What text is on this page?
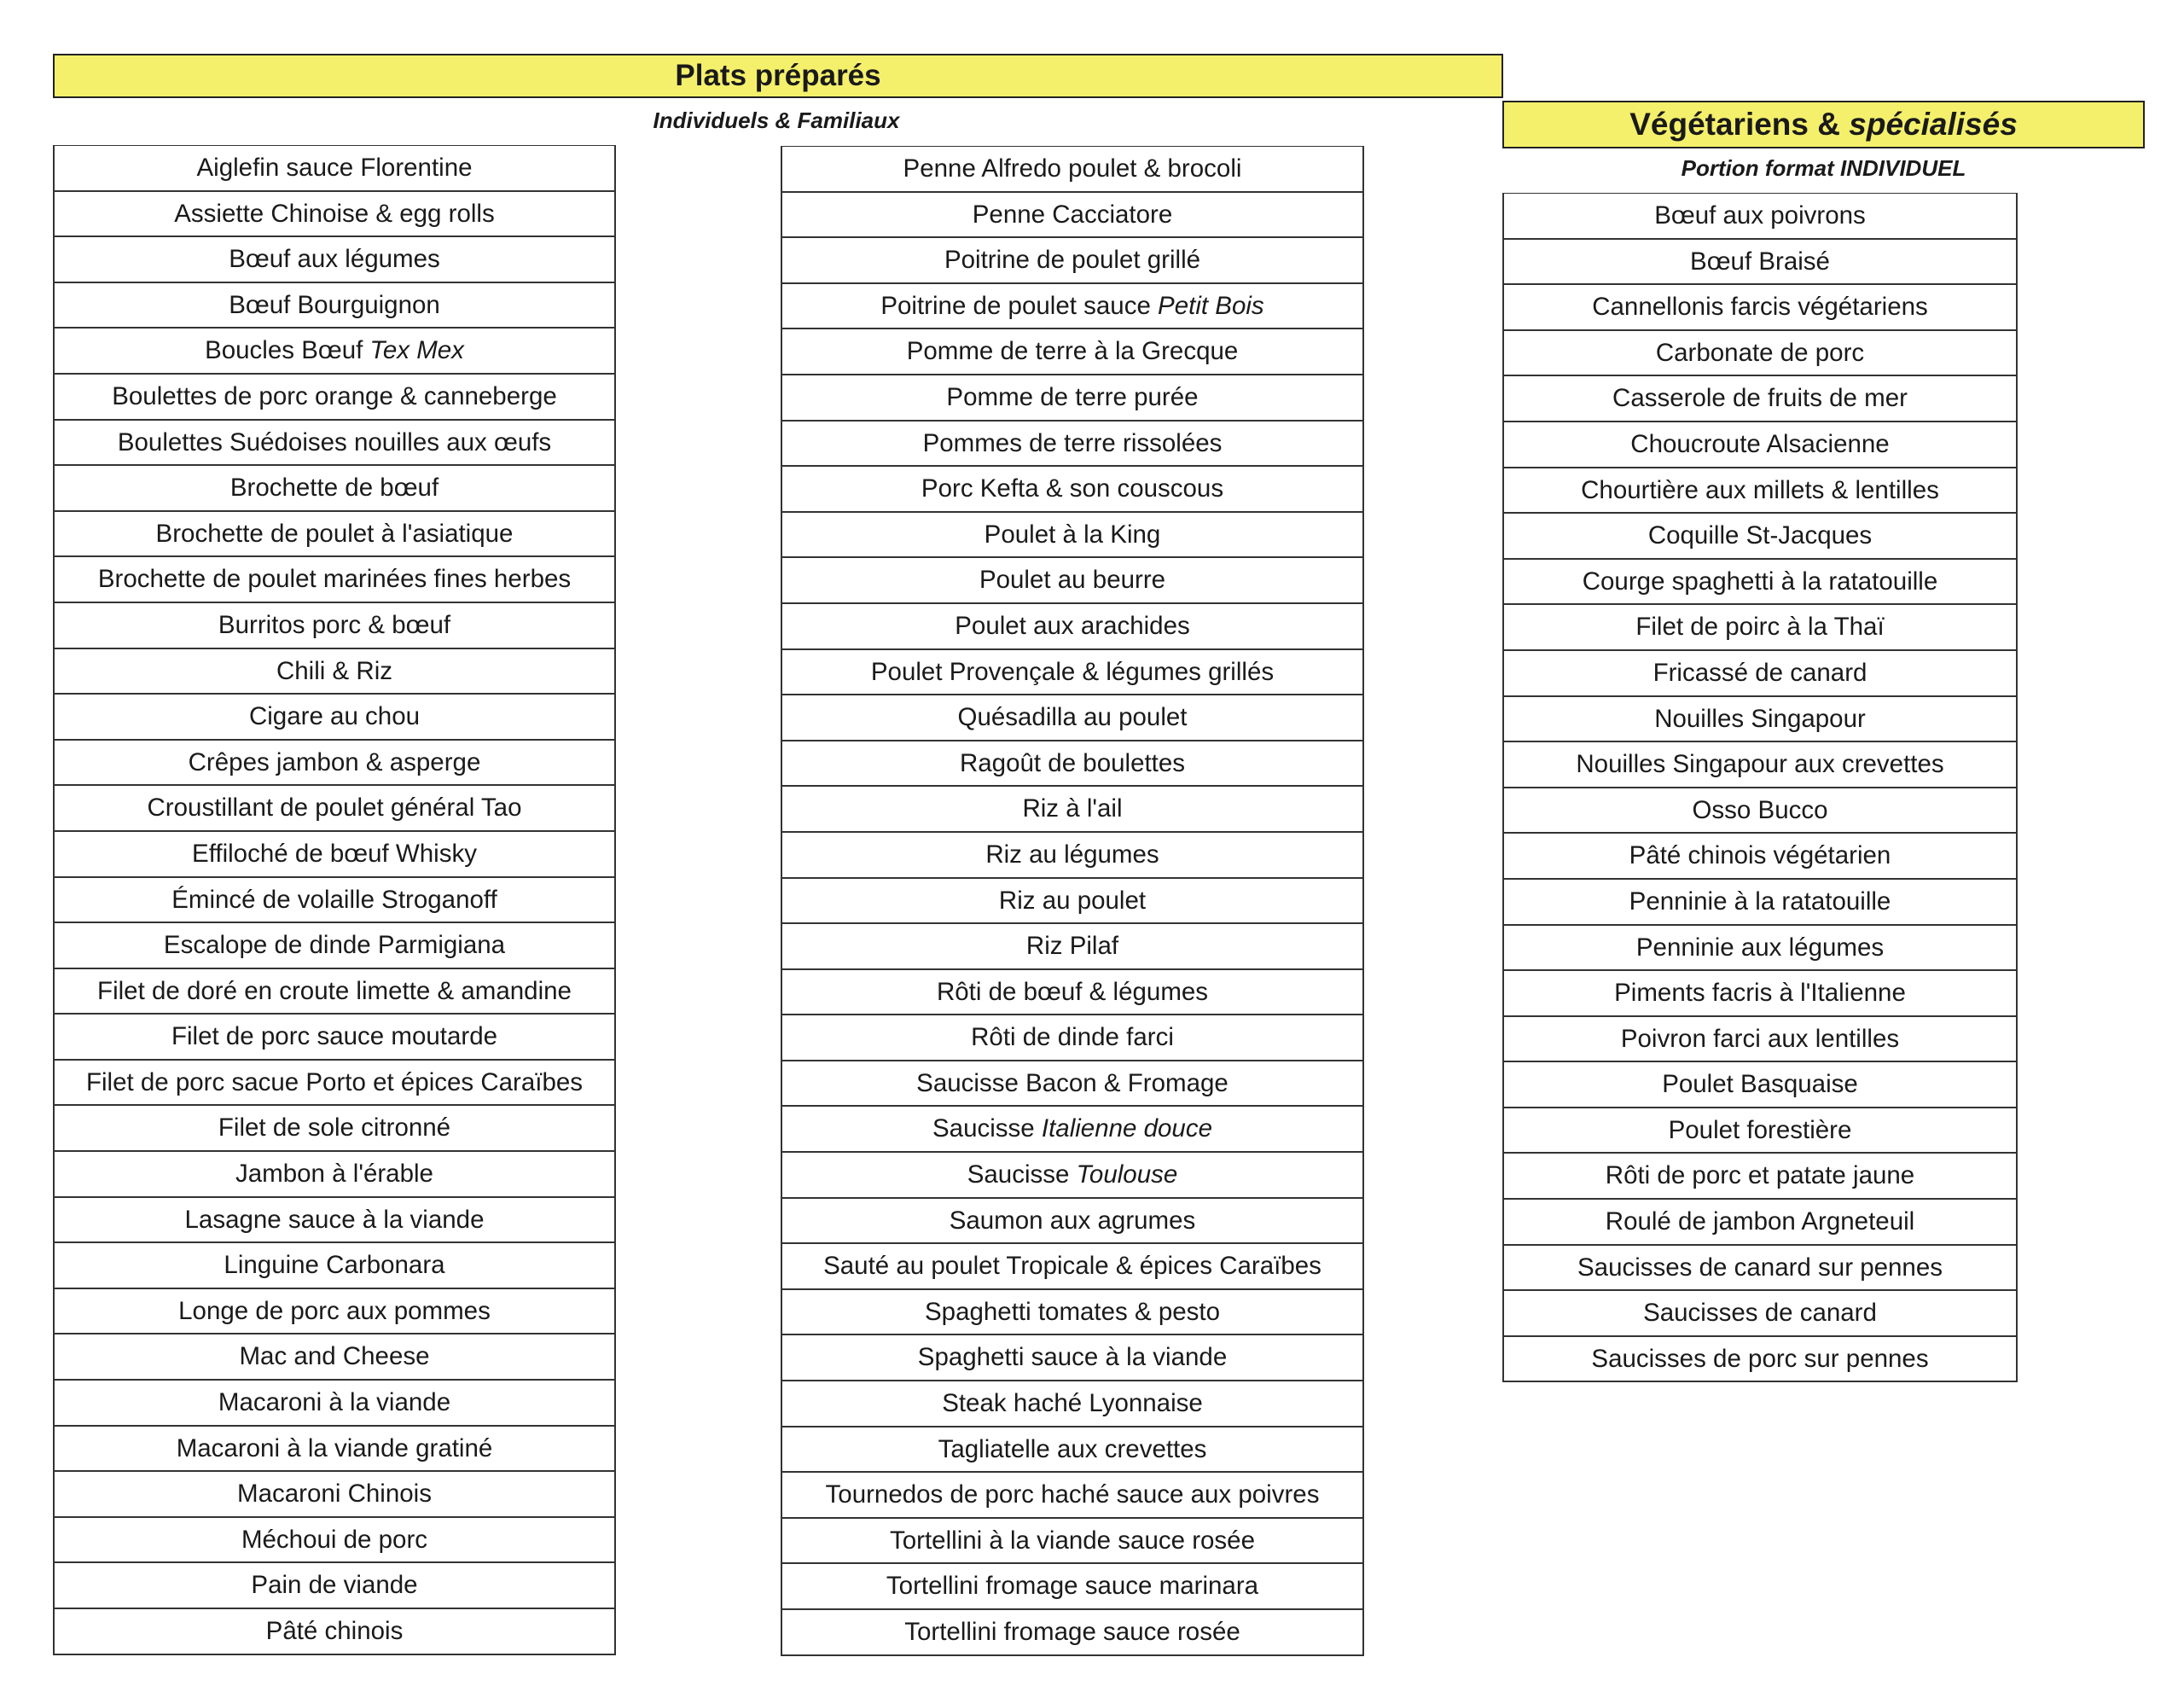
Plats préparés
Individuels & Familiaux	Végétariens & spécialisés
Portion format INDIVIDUEL
Aiglefin sauce Florentine
Assiette Chinoise & egg rolls
Bœuf aux légumes
Bœuf Bourguignon
Boucles Bœuf Tex Mex
Boulettes de porc orange & canneberge
Boulettes Suédoises nouilles aux œufs
Brochette de bœuf
Brochette de poulet à l'asiatique
Brochette de poulet marinées fines herbes
Burritos porc & bœuf
Chili & Riz
Cigare au chou
Crêpes jambon & asperge
Croustillant de poulet général Tao
Effiloché de bœuf Whisky
Émincé de volaille Stroganoff
Escalope de dinde Parmigiana
Filet de doré en croute limette & amandine
Filet de porc sauce moutarde
Filet de porc sacue Porto et épices Caraïbes
Filet de sole citronné
Jambon à l'érable
Lasagne sauce à la viande
Linguine Carbonara
Longe de porc aux pommes
Mac and Cheese
Macaroni à la viande
Macaroni à la viande gratiné
Macaroni Chinois
Méchoui de porc
Pain de viande
Pâté chinois
Penne Alfredo poulet & brocoli
Penne Cacciatore
Poitrine de poulet grillé
Poitrine de poulet sauce Petit Bois
Pomme de terre à la Grecque
Pomme de terre purée
Pommes de terre rissolées
Porc Kefta & son couscous
Poulet à la King
Poulet au beurre
Poulet aux arachides
Poulet Provençale & légumes grillés
Quésadilla au poulet
Ragoût de boulettes
Riz à l'ail
Riz au légumes
Riz au poulet
Riz Pilaf
Rôti de bœuf & légumes
Rôti de dinde farci
Saucisse Bacon & Fromage
Saucisse Italienne douce
Saucisse Toulouse
Saumon aux agrumes
Sauté au poulet Tropicale & épices Caraïbes
Spaghetti tomates & pesto
Spaghetti sauce à la viande
Steak haché Lyonnaise
Tagliatelle aux crevettes
Tournedos de porc haché sauce aux poivres
Tortellini à la viande sauce rosée
Tortellini fromage sauce marinara
Tortellini fromage sauce rosée
Bœuf aux poivrons
Bœuf Braisé
Cannellonis farcis végétariens
Carbonate de porc
Casserole de fruits de mer
Choucroute Alsacienne
Chourtière aux millets & lentilles
Coquille St-Jacques
Courge spaghetti à la ratatouille
Filet de poirc à la Thaï
Fricassé de canard
Nouilles Singapour
Nouilles Singapour aux crevettes
Osso Bucco
Pâté chinois végétarien
Penninie à la ratatouille
Penninie aux légumes
Piments facris à l'Italienne
Poivron farci aux lentilles
Poulet Basquaise
Poulet forestière
Rôti de porc et patate jaune
Roulé de jambon Argneteuil
Saucisses de canard sur pennes
Saucisses de canard
Saucisses de porc sur pennes
